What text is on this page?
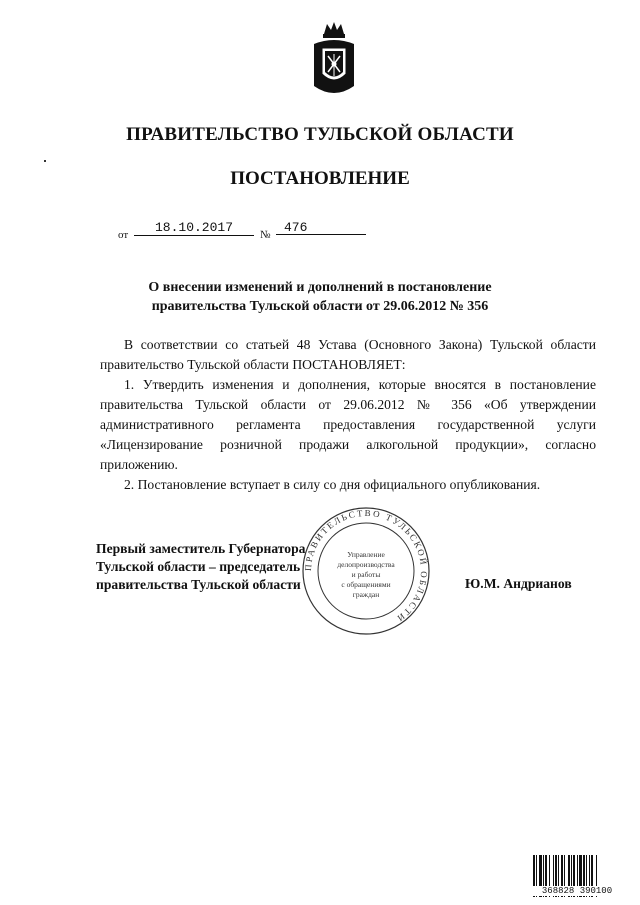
ПРАВИТЕЛЬСТВО ТУЛЬСКОЙ ОБЛАСТИ
ПОСТАНОВЛЕНИЕ
от	18.10.2017	№	476
О внесении изменений и дополнений в постановление
правительства Тульской области от 29.06.2012 № 356

В соответствии со статьей 48 Устава (Основного Закона) Тульской области правительство Тульской области ПОСТАНОВЛЯЕТ:

1. Утвердить изменения и дополнения, которые вносятся в постановление правительства Тульской области от 29.06.2012 № 356 «Об утверждении административного регламента предоставления государственной услуги «Лицензирование розничной продажи алкогольной продукции», согласно приложению.

2. Постановление вступает в силу со дня официального опубликования.

ПРАВИТЕЛЬСТВО ТУЛЬСКОЙ ОБЛАСТИ
Управление
делопроизводства
и работы
с обращениями
граждан
Первый заместитель Губернатора
Тульской области – председатель
правительства Тульской области	Ю.М. Андрианов
368828 390100
